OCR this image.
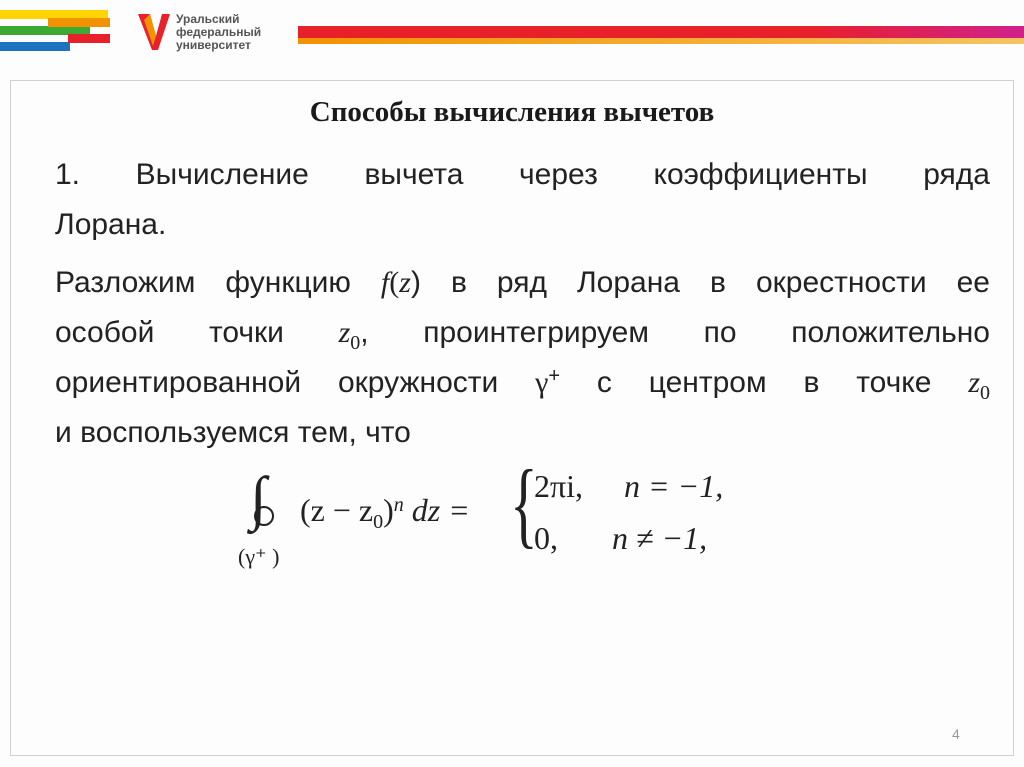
Уральский
федеральный
университет
Способы вычисления вычетов
1. Вычисление вычета через коэффициенты ряда
Лорана.
Разложим функцию f(z) в ряд Лорана в окрестности ее
особой точки $z_0$, проинтегрируем по положительно
ориентированной окружности γ+ с центром в точке $z_0$
и воспользуемся тем, что
∫
(γ⁺ )
$(z - z_0)^n$ dz = {
2πi, n = −1,
0, n ≠ −1,
4
